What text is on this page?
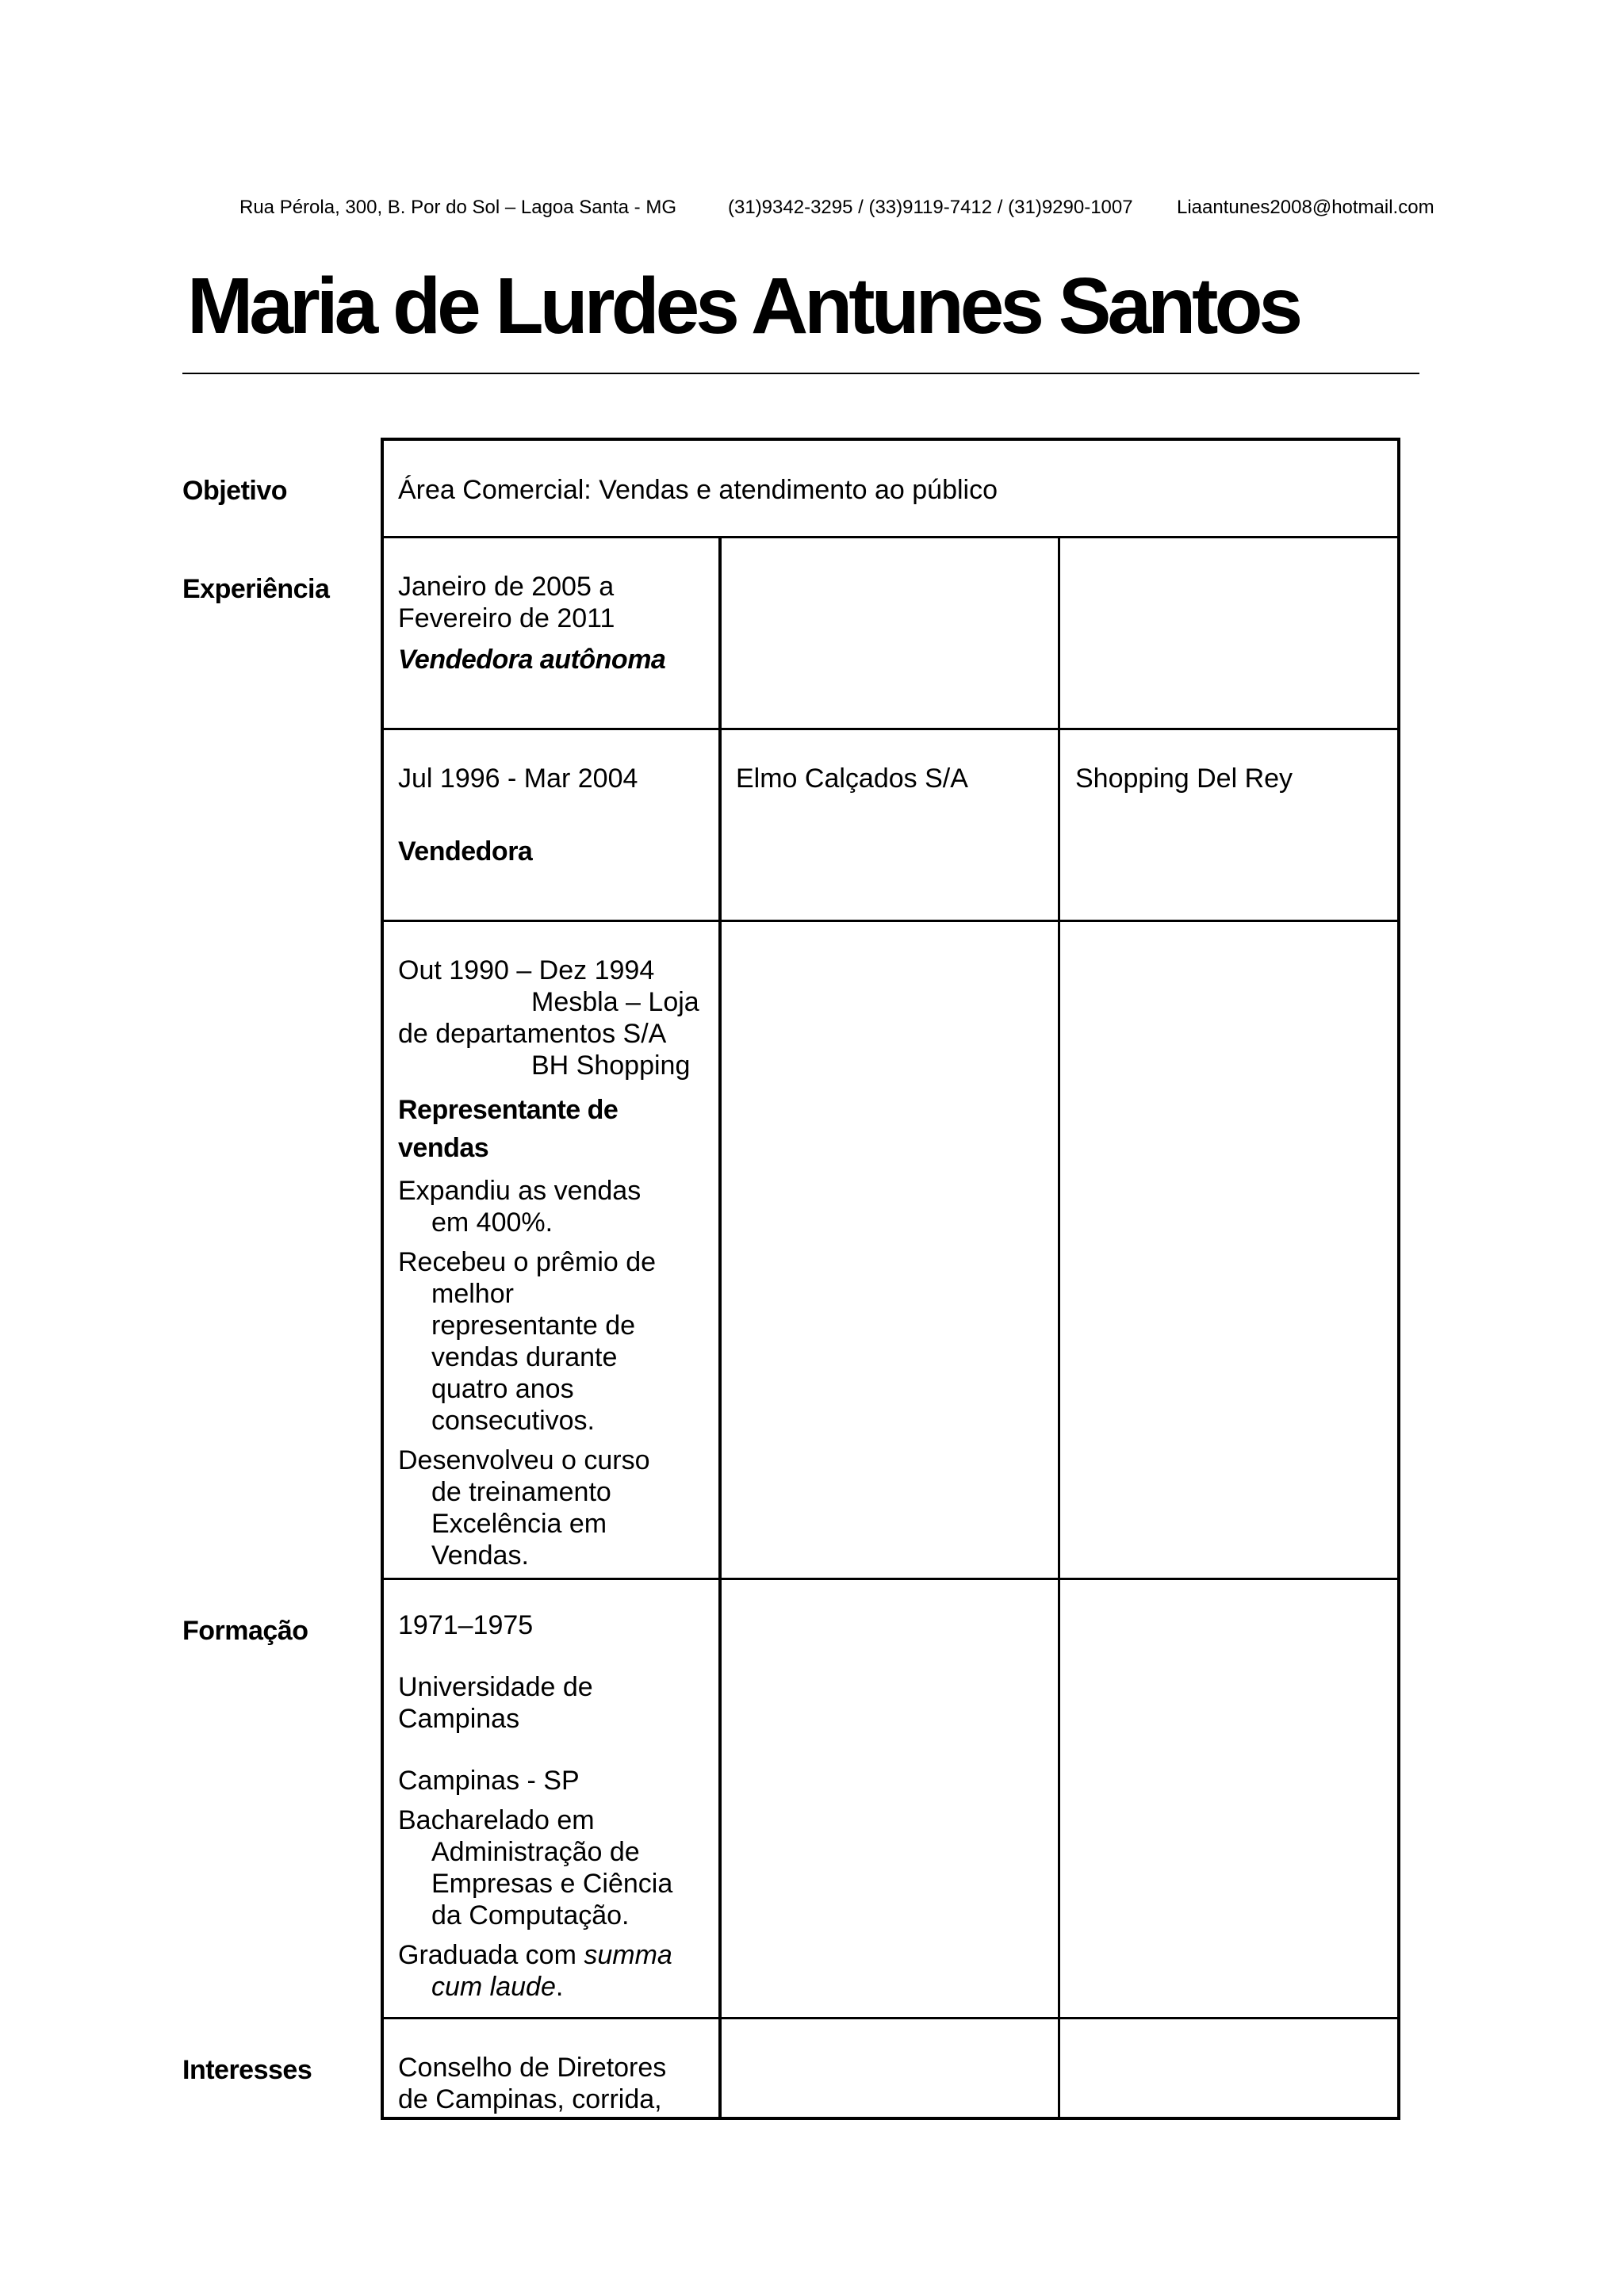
Rua Pérola, 300, B. Por do Sol – Lagoa Santa - MG	(31)9342-3295 / (33)9119-7412 / (31)9290-1007 Liaantunes2008@hotmail.com
Maria de Lurdes Antunes Santos
Objetivo
Experiência
Formação
Interesses
Área Comercial: Vendas e atendimento ao público

Janeiro de 2005 a

Fevereiro de 2011

Vendedora autônoma

Jul 1996 - Mar 2004

Vendedora

Elmo Calçados S/A	Shopping Del Rey

Out 1990 – Dez 1994

Mesbla – Loja

de departamentos S/A

BH Shopping

Representante de

vendas

Expandiu as vendas

em 400%.

Recebeu o prêmio de

melhor

representante de

vendas durante

quatro anos

consecutivos.

Desenvolveu o curso

de treinamento

Excelência em

Vendas.

1971–1975

Universidade de

Campinas

Campinas - SP

Bacharelado em

Administração de

Empresas e Ciência

da Computação.

Graduada com summa

cum laude.

Conselho de Diretores

de Campinas, corrida,
